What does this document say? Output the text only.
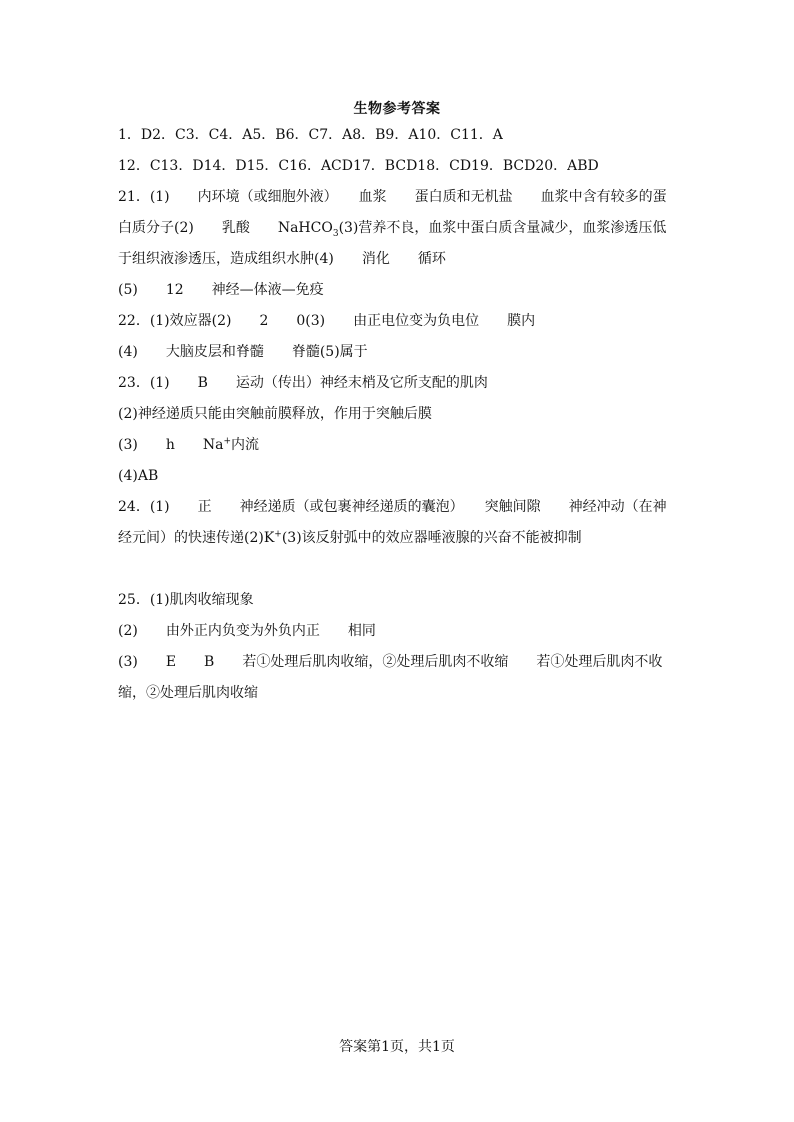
生物参考答案
1．D2．C3．C4．A5．B6．C7．A8．B9．A10．C11．A
12．C13．D14．D15．C16．ACD17．BCD18．CD19．BCD20．ABD
21．(1)　　内环境（或细胞外液）　　血浆　　蛋白质和无机盐　　血浆中含有较多的蛋白质分子(2)　　乳酸　　NaHCO$_3$(3)营养不良，血浆中蛋白质含量减少，血浆渗透压低于组织液渗透压，造成组织水肿(4)　　消化　　循环
(5)　　12　　神经—体液—免疫
22．(1)效应器(2)　　2　　0(3)　　由正电位变为负电位　　膜内
(4)　　大脑皮层和脊髓　　脊髓(5)属于
23．(1)　　B　　运动（传出）神经末梢及它所支配的肌肉
(2)神经递质只能由突触前膜释放，作用于突触后膜
(3)　　h　　Na+内流
(4)AB
24．(1)　　正　　神经递质（或包裹神经递质的囊泡）　　突触间隙　　神经冲动（在神经元间）的快速传递(2)K+(3)该反射弧中的效应器唾液腺的兴奋不能被抑制
25．(1)肌肉收缩现象
(2)　　由外正内负变为外负内正　　相同
(3)　　E　　B　　若①处理后肌肉收缩，②处理后肌肉不收缩　　若①处理后肌肉不收缩，②处理后肌肉收缩
答案第1页，共1页
